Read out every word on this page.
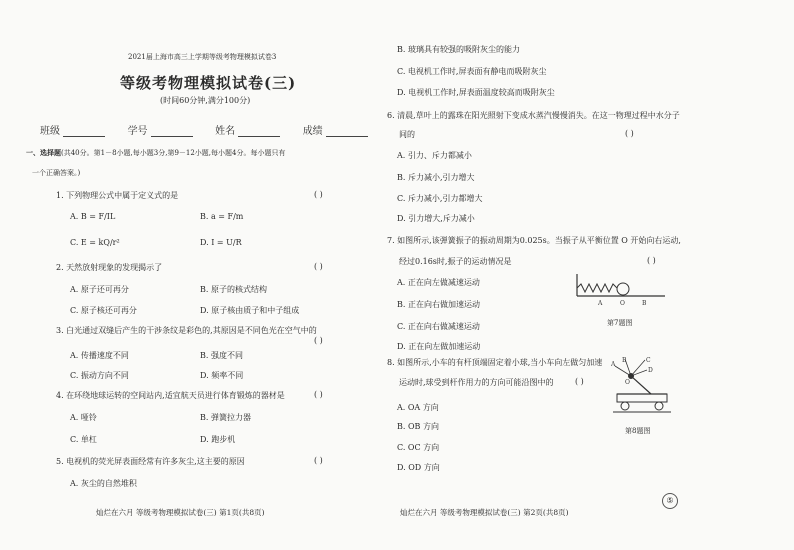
2021届上海市高三上学期等级考物理模拟试卷3
等级考物理模拟试卷(三)
(时间60分钟,满分100分)
班级	学号	姓名	成绩
一、选择题(共40分。第1－8小题,每小题3分,第9－12小题,每小题4分。每小题只有
一个正确答案。)
1. 下列物理公式中属于定义式的是	( )
A. B = F/IL	B. a = F/m
C. E = kQ/r²	D. I = U/R
2. 天然放射现象的发现揭示了	( )
A. 原子还可再分	B. 原子的核式结构
C. 原子核还可再分	D. 原子核由质子和中子组成
3. 白光通过双缝后产生的干涉条纹是彩色的,其原因是不同色光在空气中的
( )
A. 传播速度不同	B. 强度不同
C. 振动方向不同	D. 频率不同
4. 在环绕地球运转的空间站内,适宜航天员进行体育锻炼的器材是	( )
A. 哑铃	B. 弹簧拉力器
C. 单杠	D. 跑步机
5. 电视机的荧光屏表面经常有许多灰尘,这主要的原因	( )
A. 灰尘的自然堆积
灿烂在六月 等级考物理模拟试卷(三) 第1页(共8页)
B. 玻璃具有较强的吸附灰尘的能力
C. 电视机工作时,屏表面有静电而吸附灰尘
D. 电视机工作时,屏表面温度较高而吸附灰尘
6. 清晨,草叶上的露珠在阳光照射下变成水蒸汽慢慢消失。在这一物理过程中水分子
间的	( )
A. 引力、斥力都减小
B. 斥力减小,引力增大
C. 斥力减小,引力都增大
D. 引力增大,斥力减小
7. 如图所示,该弹簧振子的振动周期为0.025s。当振子从平衡位置 O 开始向右运动,
经过0.16s时,振子的运动情况是	( )
A. 正在向左做减速运动
B. 正在向右做加速运动
C. 正在向右做减速运动
D. 正在向左做加速运动
A	O	B
第7题图
8. 如图所示,小车的有杆顶端固定着小球,当小车向左做匀加速
运动时,球受到杆作用力的方向可能沿图中的	( )
A. OA 方向
B. OB 方向
C. OC 方向
D. OD 方向
A
B	C
D
O
第8题图
灿烂在六月 等级考物理模拟试卷(三) 第2页(共8页)
⑤
